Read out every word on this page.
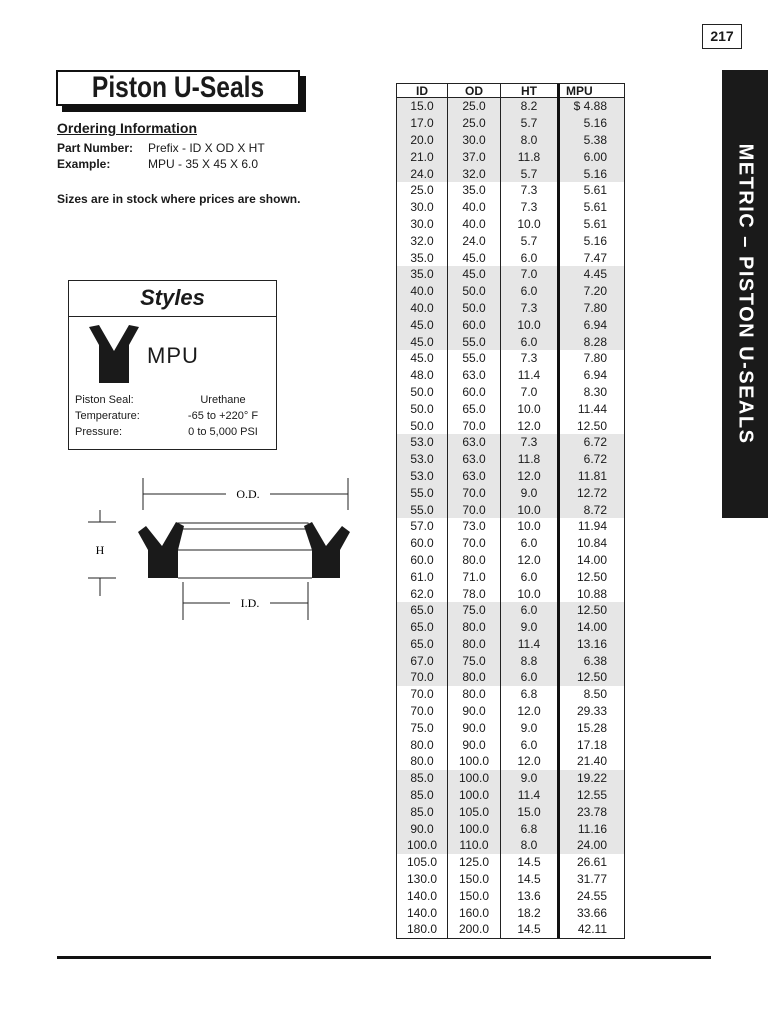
217
METRIC – PISTON U-SEALS
Piston U-Seals
Ordering Information
Part Number: Prefix - ID X OD X HT
Example:	MPU - 35 X 45 X 6.0
Sizes are in stock where prices are shown.
Styles
MPU
Piston Seal:	Urethane
Temperature:	-65 to +220° F
Pressure:	0 to 5,000 PSI
O.D.
H
I.D.
ID	OD	HT	MPU
15.0	25.0	8.2	$ 4.88
17.0	25.0	5.7	5.16
20.0	30.0	8.0	5.38
21.0	37.0	11.8	6.00
24.0	32.0	5.7	5.16
25.0	35.0	7.3	5.61
30.0	40.0	7.3	5.61
30.0	40.0	10.0	5.61
32.0	24.0	5.7	5.16
35.0	45.0	6.0	7.47
35.0	45.0	7.0	4.45
40.0	50.0	6.0	7.20
40.0	50.0	7.3	7.80
45.0	60.0	10.0	6.94
45.0	55.0	6.0	8.28
45.0	55.0	7.3	7.80
48.0	63.0	11.4	6.94
50.0	60.0	7.0	8.30
50.0	65.0	10.0	11.44
50.0	70.0	12.0	12.50
53.0	63.0	7.3	6.72
53.0	63.0	11.8	6.72
53.0	63.0	12.0	11.81
55.0	70.0	9.0	12.72
55.0	70.0	10.0	8.72
57.0	73.0	10.0	11.94
60.0	70.0	6.0	10.84
60.0	80.0	12.0	14.00
61.0	71.0	6.0	12.50
62.0	78.0	10.0	10.88
65.0	75.0	6.0	12.50
65.0	80.0	9.0	14.00
65.0	80.0	11.4	13.16
67.0	75.0	8.8	6.38
70.0	80.0	6.0	12.50
70.0	80.0	6.8	8.50
70.0	90.0	12.0	29.33
75.0	90.0	9.0	15.28
80.0	90.0	6.0	17.18
80.0	100.0	12.0	21.40
85.0	100.0	9.0	19.22
85.0	100.0	11.4	12.55
85.0	105.0	15.0	23.78
90.0	100.0	6.8	11.16
100.0	110.0	8.0	24.00
105.0	125.0	14.5	26.61
130.0	150.0	14.5	31.77
140.0	150.0	13.6	24.55
140.0	160.0	18.2	33.66
180.0	200.0	14.5	42.11
